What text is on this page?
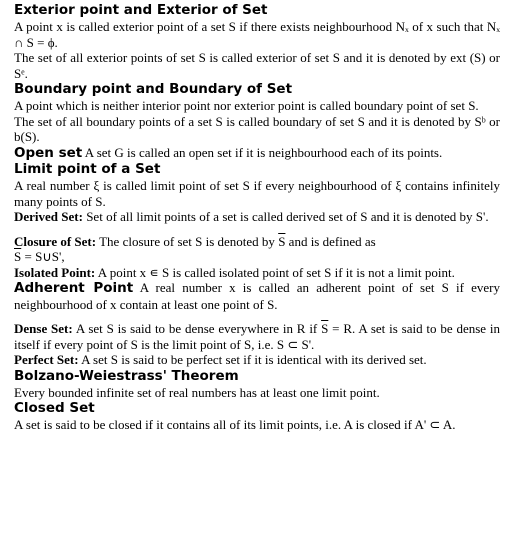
Exterior point and Exterior of Set

A point x is called exterior point of a set S if there exists neighbourhood Nₓ of x such that Nₓ ∩ S = ϕ.

The set of all exterior points of set S is called exterior of set S and it is denoted by ext (S) or Sᵉ.

Boundary point and Boundary of Set

A point which is neither interior point nor exterior point is called boundary point of set S.

The set of all boundary points of a set S is called boundary of set S and it is denoted by Sᵇ or b(S).

Open set A set G is called an open set if it is neighbourhood each of its points.

Limit point of a Set

A real number ξ is called limit point of set S if every neighbourhood of ξ contains infinitely many points of S.

Derived Set: Set of all limit points of a set is called derived set of S and it is denoted by S'.

Closure of Set: The closure of set S is denoted by $\overline{S}$ and is defined as

$\overline{S}$ = S∪S',

Isolated Point: A point x ∊ S is called isolated point of set S if it is not a limit point.

Adherent Point A real number x is called an adherent point of set S if every neighbourhood of x contain at least one point of S.

Dense Set: A set S is said to be dense everywhere in R if $\overline{S} = R$. A set is said to be dense in itself if every point of S is the limit point of S, i.e. S ⊂ S'.

Perfect Set: A set S is said to be perfect set if it is identical with its derived set.

Bolzano-Weiestrass' Theorem

Every bounded infinite set of real numbers has at least one limit point.

Closed Set

A set is said to be closed if it contains all of its limit points, i.e. A is closed if A' ⊂ A.
